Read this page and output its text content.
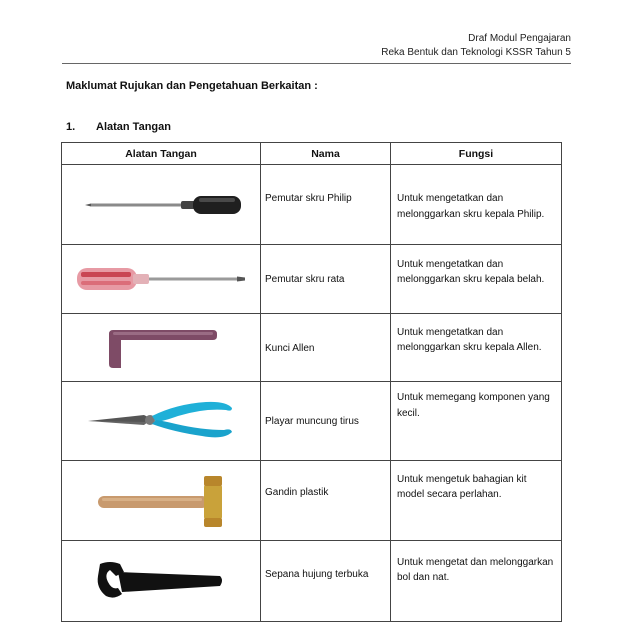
Draf Modul Pengajaran
Reka Bentuk dan Teknologi KSSR Tahun 5
Maklumat Rujukan dan Pengetahuan Berkaitan :
1. Alatan Tangan
Alatan Tangan	Nama	Fungsi

	Pemutar skru Philip	Untuk mengetatkan dan melonggarkan skru kepala Philip.

	Pemutar skru rata	Untuk mengetatkan dan melonggarkan skru kepala belah.

	Kunci Allen	Untuk mengetatkan dan melonggarkan skru kepala Allen.

	Playar muncung tirus	Untuk memegang komponen yang kecil.

	Gandin plastik	Untuk mengetuk bahagian kit model secara perlahan.

	Sepana hujung terbuka	Untuk mengetat dan melonggarkan bol dan nat.
